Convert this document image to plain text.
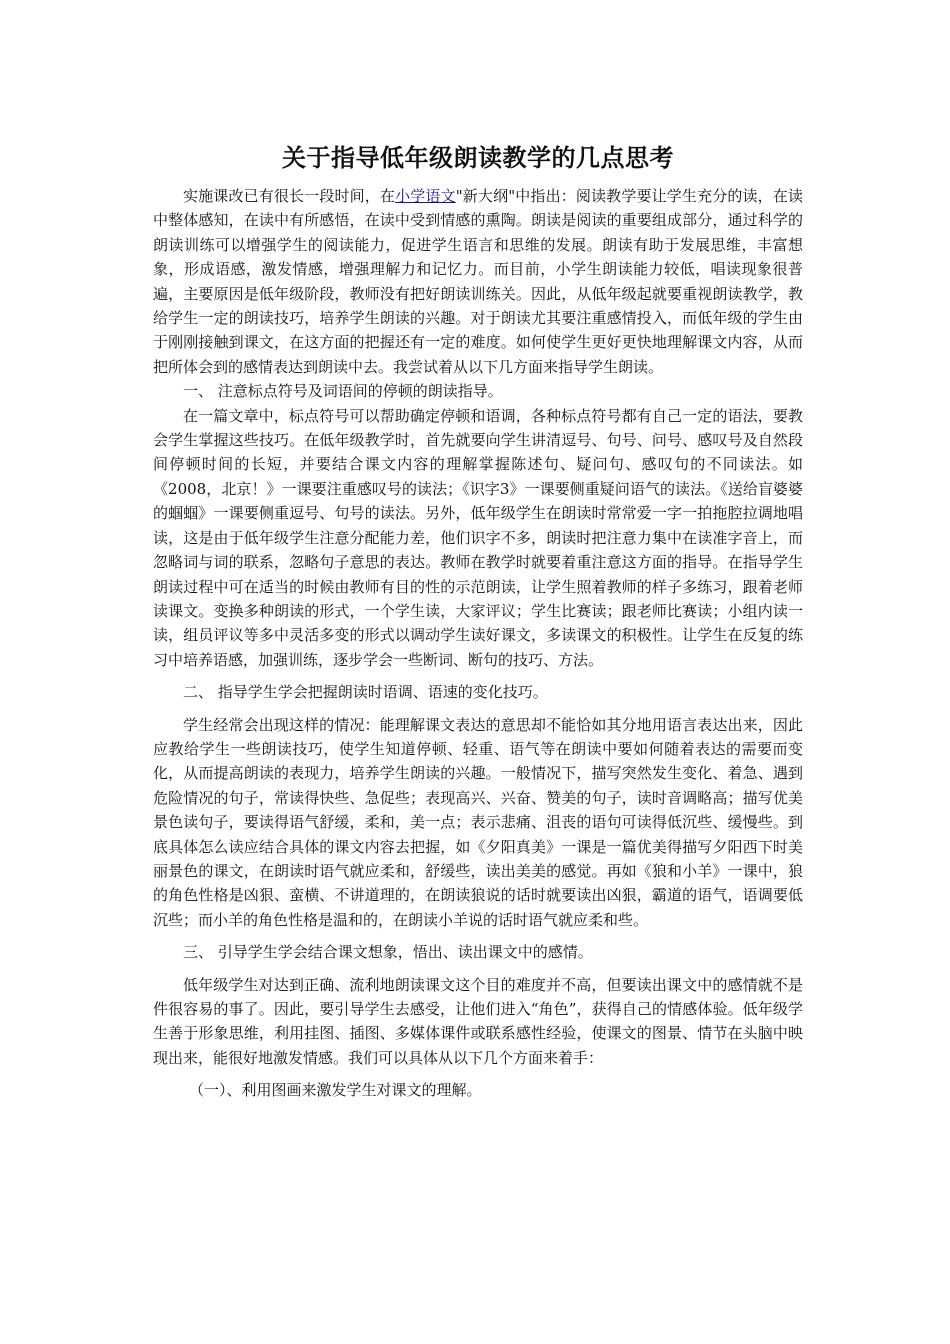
关于指导低年级朗读教学的几点思考

实施课改已有很长一段时间，在小学语文"新大纲"中指出：阅读教学要让学生充分的读，在读中整体感知，在读中有所感悟，在读中受到情感的熏陶。朗读是阅读的重要组成部分，通过科学的朗读训练可以增强学生的阅读能力，促进学生语言和思维的发展。朗读有助于发展思维，丰富想象，形成语感，激发情感，增强理解力和记忆力。而目前，小学生朗读能力较低，唱读现象很普遍，主要原因是低年级阶段，教师没有把好朗读训练关。因此，从低年级起就要重视朗读教学，教给学生一定的朗读技巧，培养学生朗读的兴趣。对于朗读尤其要注重感情投入，而低年级的学生由于刚刚接触到课文，在这方面的把握还有一定的难度。如何使学生更好更快地理解课文内容，从而把所体会到的感情表达到朗读中去。我尝试着从以下几方面来指导学生朗读。

一、 注意标点符号及词语间的停顿的朗读指导。

在一篇文章中，标点符号可以帮助确定停顿和语调，各种标点符号都有自己一定的语法，要教会学生掌握这些技巧。在低年级教学时，首先就要向学生讲清逗号、句号、问号、感叹号及自然段间停顿时间的长短，并要结合课文内容的理解掌握陈述句、疑问句、感叹句的不同读法。如《2008，北京！》一课要注重感叹号的读法；《识字3》一课要侧重疑问语气的读法。《送给盲婆婆的蝈蝈》一课要侧重逗号、句号的读法。另外，低年级学生在朗读时常常爱一字一拍拖腔拉调地唱读，这是由于低年级学生注意分配能力差，他们识字不多，朗读时把注意力集中在读准字音上，而忽略词与词的联系，忽略句子意思的表达。教师在教学时就要着重注意这方面的指导。在指导学生朗读过程中可在适当的时候由教师有目的性的示范朗读，让学生照着教师的样子多练习，跟着老师读课文。变换多种朗读的形式，一个学生读，大家评议；学生比赛读；跟老师比赛读；小组内读一读，组员评议等多中灵活多变的形式以调动学生读好课文，多读课文的积极性。让学生在反复的练习中培养语感，加强训练，逐步学会一些断词、断句的技巧、方法。

二、 指导学生学会把握朗读时语调、语速的变化技巧。

学生经常会出现这样的情况：能理解课文表达的意思却不能恰如其分地用语言表达出来，因此应教给学生一些朗读技巧，使学生知道停顿、轻重、语气等在朗读中要如何随着表达的需要而变化，从而提高朗读的表现力，培养学生朗读的兴趣。一般情况下，描写突然发生变化、着急、遇到危险情况的句子，常读得快些、急促些；表现高兴、兴奋、赞美的句子，读时音调略高；描写优美景色读句子，要读得语气舒缓，柔和，美一点；表示悲痛、沮丧的语句可读得低沉些、缓慢些。到底具体怎么读应结合具体的课文内容去把握，如《夕阳真美》一课是一篇优美得描写夕阳西下时美丽景色的课文，在朗读时语气就应柔和，舒缓些，读出美美的感觉。再如《狼和小羊》一课中，狼的角色性格是凶狠、蛮横、不讲道理的，在朗读狼说的话时就要读出凶狠，霸道的语气，语调要低沉些；而小羊的角色性格是温和的，在朗读小羊说的话时语气就应柔和些。

三、 引导学生学会结合课文想象，悟出、读出课文中的感情。

低年级学生对达到正确、流利地朗读课文这个目的难度并不高，但要读出课文中的感情就不是件很容易的事了。因此，要引导学生去感受，让他们进入“角色”，获得自己的情感体验。低年级学生善于形象思维，利用挂图、插图、多媒体课件或联系感性经验，使课文的图景、情节在头脑中映现出来，能很好地激发情感。我们可以具体从以下几个方面来着手：

（一）、利用图画来激发学生对课文的理解。
